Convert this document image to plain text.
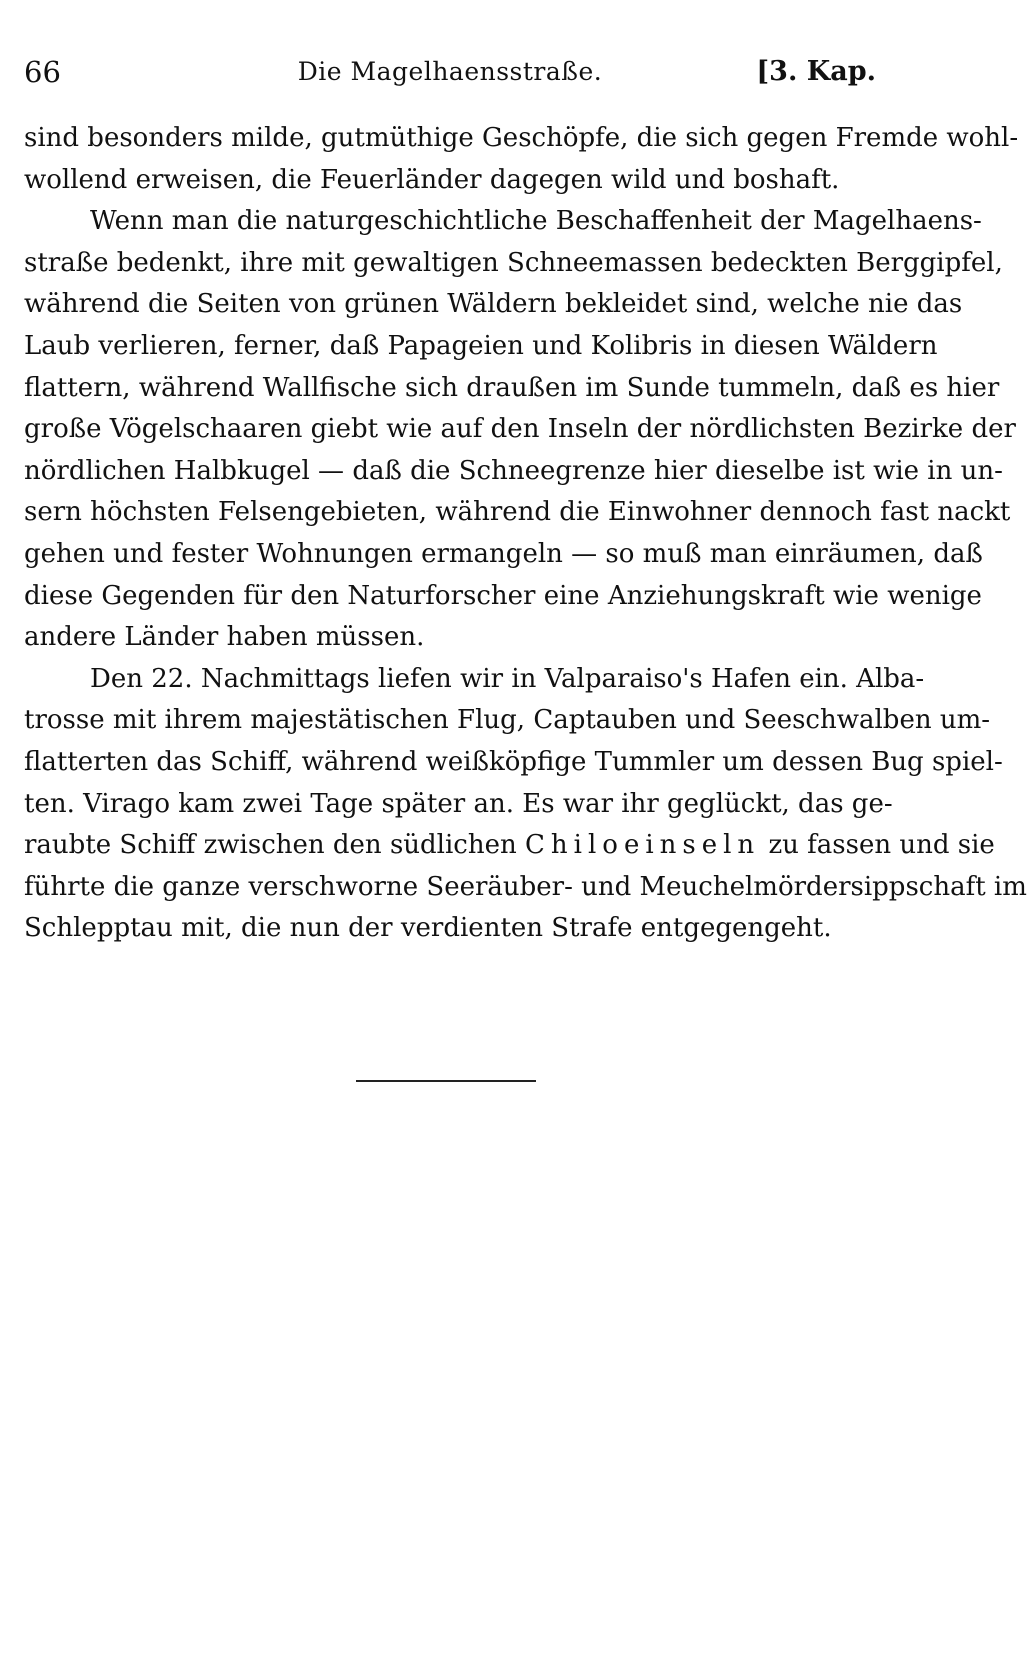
66	Die Magelhaensstraße.	[3. Kap.
sind besonders milde, gutmüthige Geschöpfe, die sich gegen Fremde wohl-
wollend erweisen, die Feuerländer dagegen wild und boshaft.
Wenn man die naturgeschichtliche Beschaffenheit der Magelhaens-
straße bedenkt, ihre mit gewaltigen Schneemassen bedeckten Berggipfel,
während die Seiten von grünen Wäldern bekleidet sind, welche nie das
Laub verlieren, ferner, daß Papageien und Kolibris in diesen Wäldern
flattern, während Wallfische sich draußen im Sunde tummeln, daß es hier
große Vögelschaaren giebt wie auf den Inseln der nördlichsten Bezirke der
nördlichen Halbkugel — daß die Schneegrenze hier dieselbe ist wie in un-
sern höchsten Felsengebieten, während die Einwohner dennoch fast nackt
gehen und fester Wohnungen ermangeln — so muß man einräumen, daß
diese Gegenden für den Naturforscher eine Anziehungskraft wie wenige
andere Länder haben müssen.
Den 22. Nachmittags liefen wir in Valparaiso's Hafen ein. Alba-
trosse mit ihrem majestätischen Flug, Captauben und Seeschwalben um-
flatterten das Schiff, während weißköpfige Tummler um dessen Bug spiel-
ten. Virago kam zwei Tage später an. Es war ihr geglückt, das ge-
raubte Schiff zwischen den südlichen Chiloeinseln zu fassen und sie
führte die ganze verschworne Seeräuber- und Meuchelmördersippschaft im
Schlepptau mit, die nun der verdienten Strafe entgegengeht.
